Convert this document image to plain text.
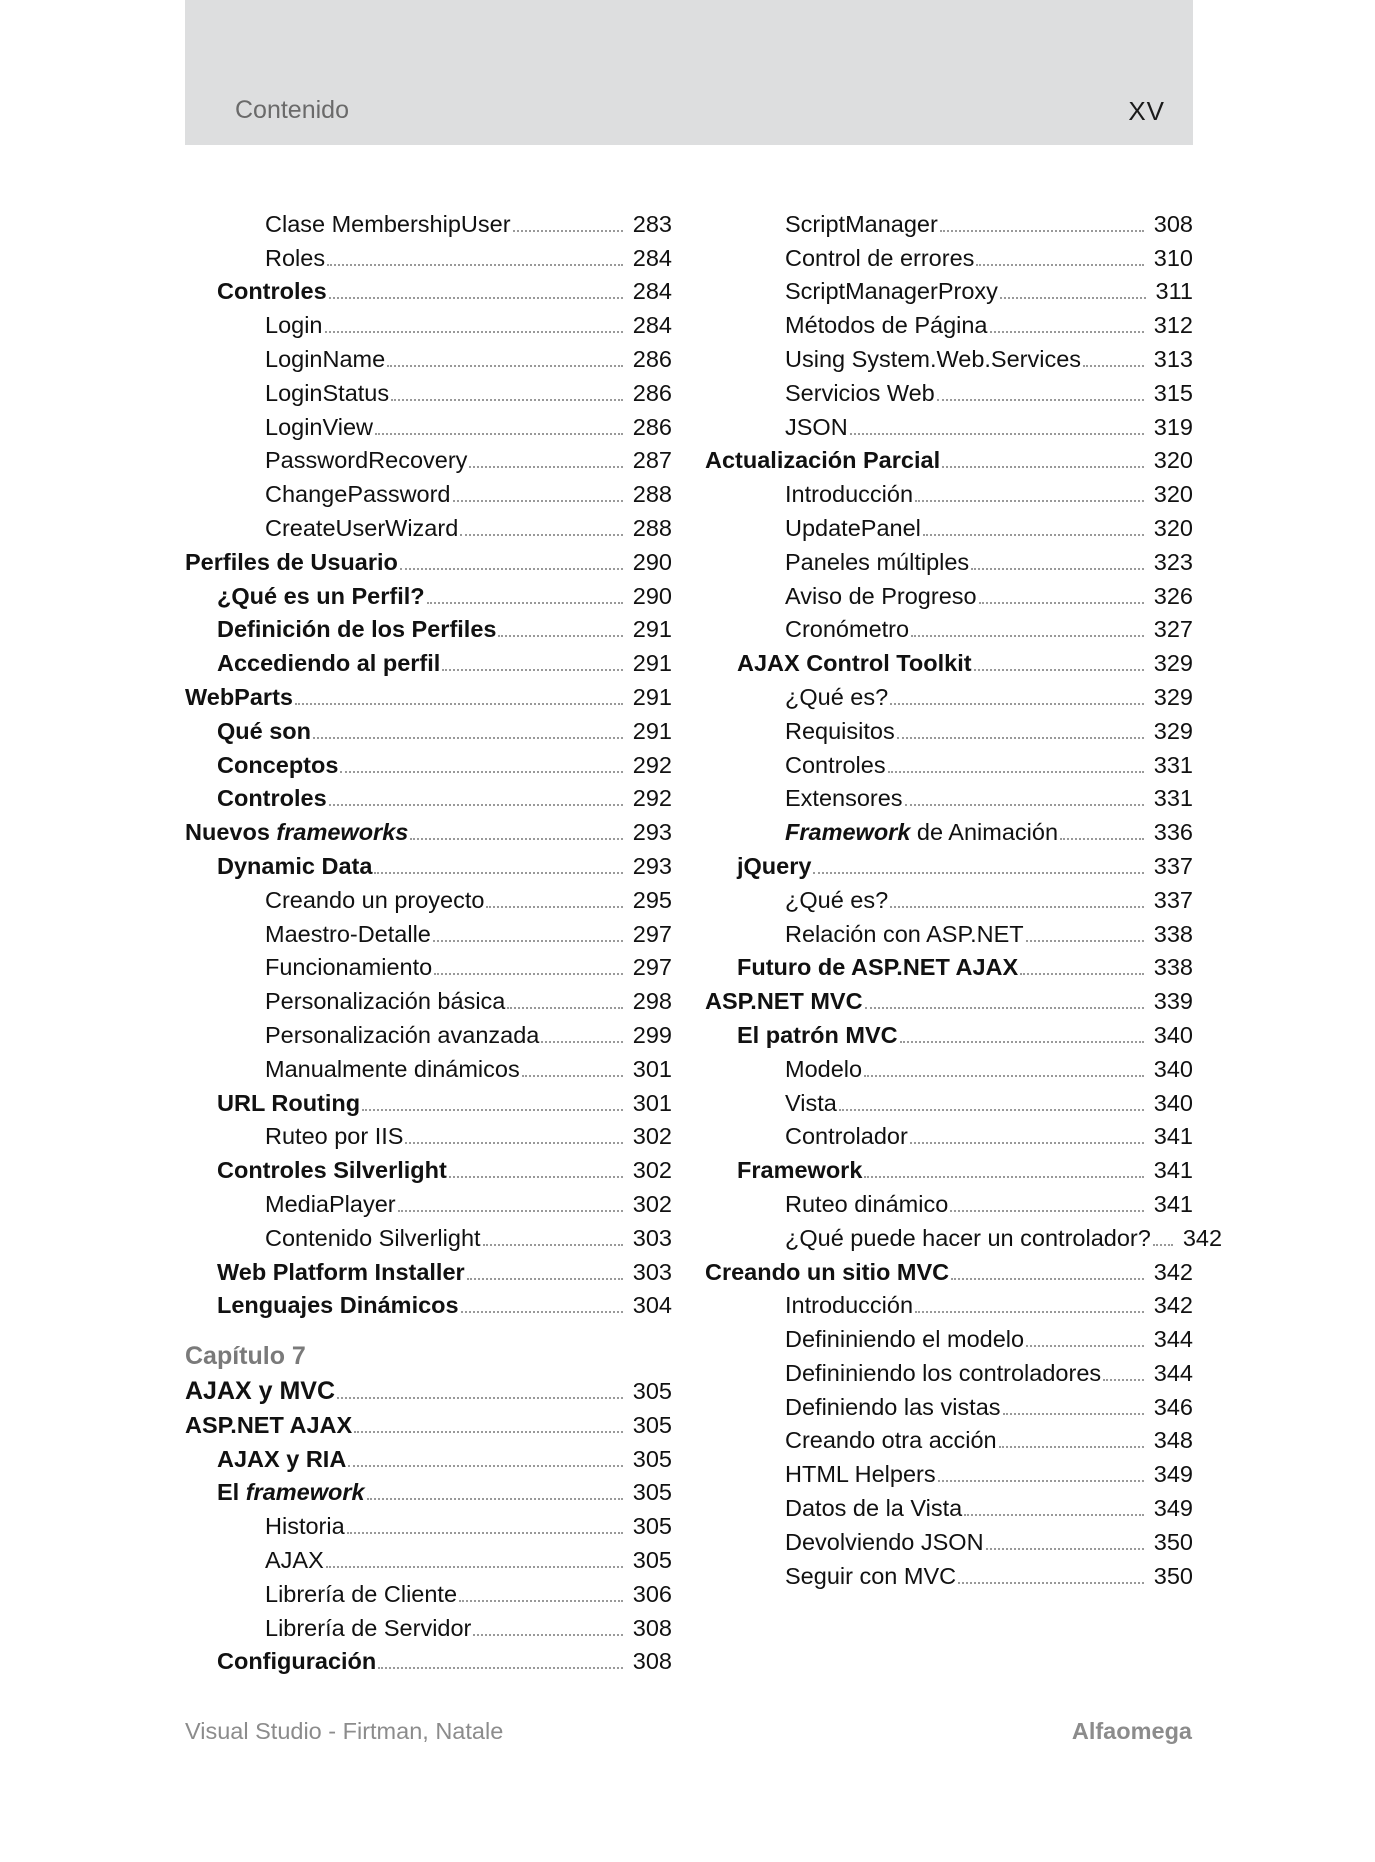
Contenido	XV
Clase MembershipUser	283
Roles	284
Controles	284
Login	284
LoginName	286
LoginStatus	286
LoginView	286
PasswordRecovery	287
ChangePassword	288
CreateUserWizard	288
Perfiles de Usuario	290
¿Qué es un Perfil?	290
Definición de los Perfiles	291
Accediendo al perfil	291
WebParts	291
Qué son	291
Conceptos	292
Controles	292
Nuevos frameworks	293
Dynamic Data	293
Creando un proyecto	295
Maestro-Detalle	297
Funcionamiento	297
Personalización básica	298
Personalización avanzada	299
Manualmente dinámicos	301
URL Routing	301
Ruteo por IIS	302
Controles Silverlight	302
MediaPlayer	302
Contenido Silverlight	303
Web Platform Installer	303
Lenguajes Dinámicos	304
Capítulo 7
AJAX y MVC	305
ASP.NET AJAX	305
AJAX y RIA	305
El framework	305
Historia	305
AJAX	305
Librería de Cliente	306
Librería de Servidor	308
Configuración	308
ScriptManager	308
Control de errores	310
ScriptManagerProxy	311
Métodos de Página	312
Using System.Web.Services	313
Servicios Web	315
JSON	319
Actualización Parcial	320
Introducción	320
UpdatePanel	320
Paneles múltiples	323
Aviso de Progreso	326
Cronómetro	327
AJAX Control Toolkit	329
¿Qué es?	329
Requisitos	329
Controles	331
Extensores	331
Framework de Animación	336
jQuery	337
¿Qué es?	337
Relación con ASP.NET	338
Futuro de ASP.NET AJAX	338
ASP.NET MVC	339
El patrón MVC	340
Modelo	340
Vista	340
Controlador	341
Framework	341
Ruteo dinámico	341
¿Qué puede hacer un controlador? 342
Creando un sitio MVC	342
Introducción	342
Defininiendo el modelo	344
Defininiendo los controladores 344
Definiendo las vistas	346
Creando otra acción	348
HTML Helpers	349
Datos de la Vista	349
Devolviendo JSON	350
Seguir con MVC	350
Visual Studio - Firtman, Natale	Alfaomega
